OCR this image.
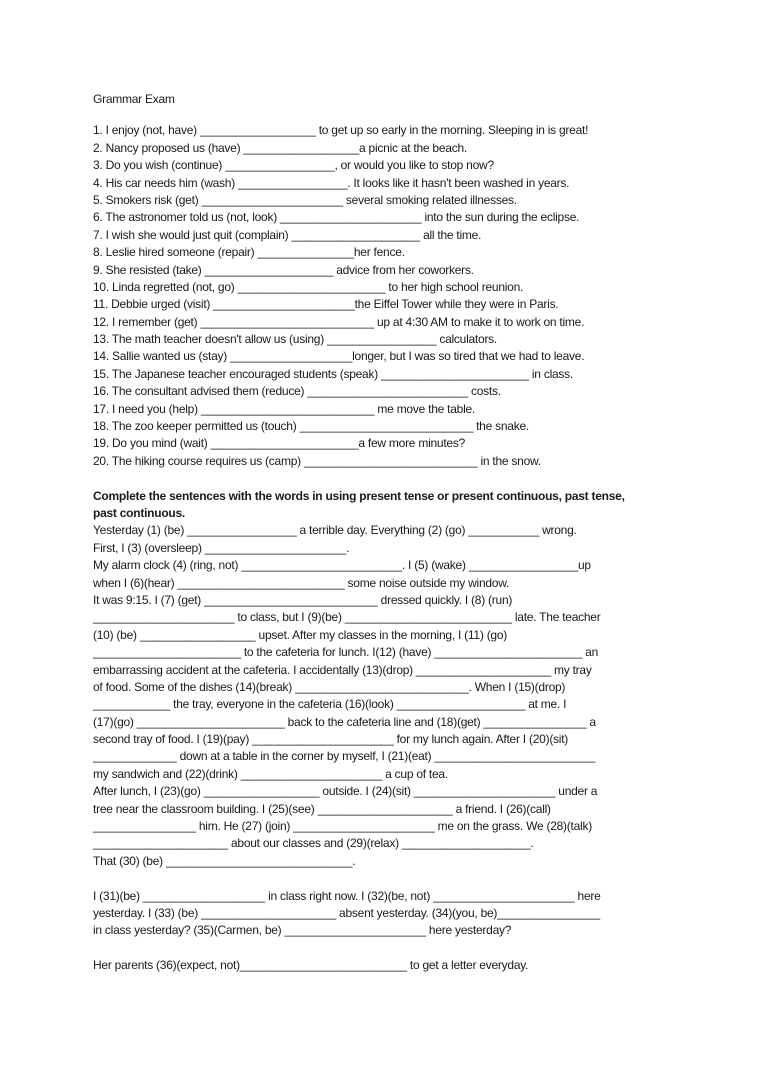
Grammar Exam
1. I enjoy (not, have) __________________ to get up so early in the morning. Sleeping in is great!
2. Nancy proposed us (have) __________________a picnic at the beach.
3. Do you wish (continue) _________________, or would you like to stop now?
4. His car needs him (wash) _________________. It looks like it hasn't been washed in years.
5. Smokers risk (get) ______________________ several smoking related illnesses.
6. The astronomer told us (not, look) ______________________ into the sun during the eclipse.
7. I wish she would just quit (complain) ____________________ all the time.
8. Leslie hired someone (repair) _______________her fence.
9. She resisted (take) ____________________ advice from her coworkers.
10. Linda regretted (not, go) _______________________ to her high school reunion.
11. Debbie urged (visit) ______________________the Eiffel Tower while they were in Paris.
12. I remember (get) ___________________________ up at 4:30 AM to make it to work on time.
13. The math teacher doesn't allow us (using) _________________ calculators.
14. Sallie wanted us (stay) ___________________longer, but I was so tired that we had to leave.
15. The Japanese teacher encouraged students (speak) _______________________ in class.
16. The consultant advised them (reduce) _________________________ costs.
17. I need you (help) ___________________________ me move the table.
18. The zoo keeper permitted us (touch) ___________________________ the snake.
19. Do you mind (wait) _______________________a few more minutes?
20. The hiking course requires us (camp) ___________________________ in the snow.
Complete the sentences with the words in using present tense or present continuous, past tense,
past continuous.
Yesterday (1) (be) _________________ a terrible day. Everything (2) (go) ___________ wrong.
First, I (3) (oversleep) ______________________.
My alarm clock (4) (ring, not) _________________________. I (5) (wake) _________________up
when I (6)(hear) __________________________ some noise outside my window.
It was 9:15. I (7) (get) ___________________________ dressed quickly. I (8) (run)
______________________ to class, but I (9)(be) __________________________ late. The teacher
(10) (be) __________________ upset. After my classes in the morning, I (11) (go)
_______________________ to the cafeteria for lunch. I(12) (have) _______________________ an
embarrassing accident at the cafeteria. I accidentally (13)(drop) _____________________ my tray
of food. Some of the dishes (14)(break) ___________________________. When I (15)(drop)
____________ the tray, everyone in the cafeteria (16)(look) ____________________ at me. I
(17)(go) _______________________ back to the cafeteria line and (18)(get) ________________ a
second tray of food. I (19)(pay) ______________________ for my lunch again. After I (20)(sit)
_____________ down at a table in the corner by myself, I (21)(eat) _________________________
my sandwich and (22)(drink) ______________________ a cup of tea.
After lunch, I (23)(go) __________________ outside. I (24)(sit) ______________________ under a
tree near the classroom building. I (25)(see) _____________________ a friend. I (26)(call)
________________ him. He (27) (join) ______________________ me on the grass. We (28)(talk)
_____________________ about our classes and (29)(relax) ____________________.
That (30) (be) _____________________________.
I (31)(be) ___________________ in class right now. I (32)(be, not) ______________________ here
yesterday. I (33) (be) _____________________ absent yesterday. (34)(you, be)________________
in class yesterday? (35)(Carmen, be) ______________________ here yesterday?
Her parents (36)(expect, not)__________________________ to get a letter everyday.
